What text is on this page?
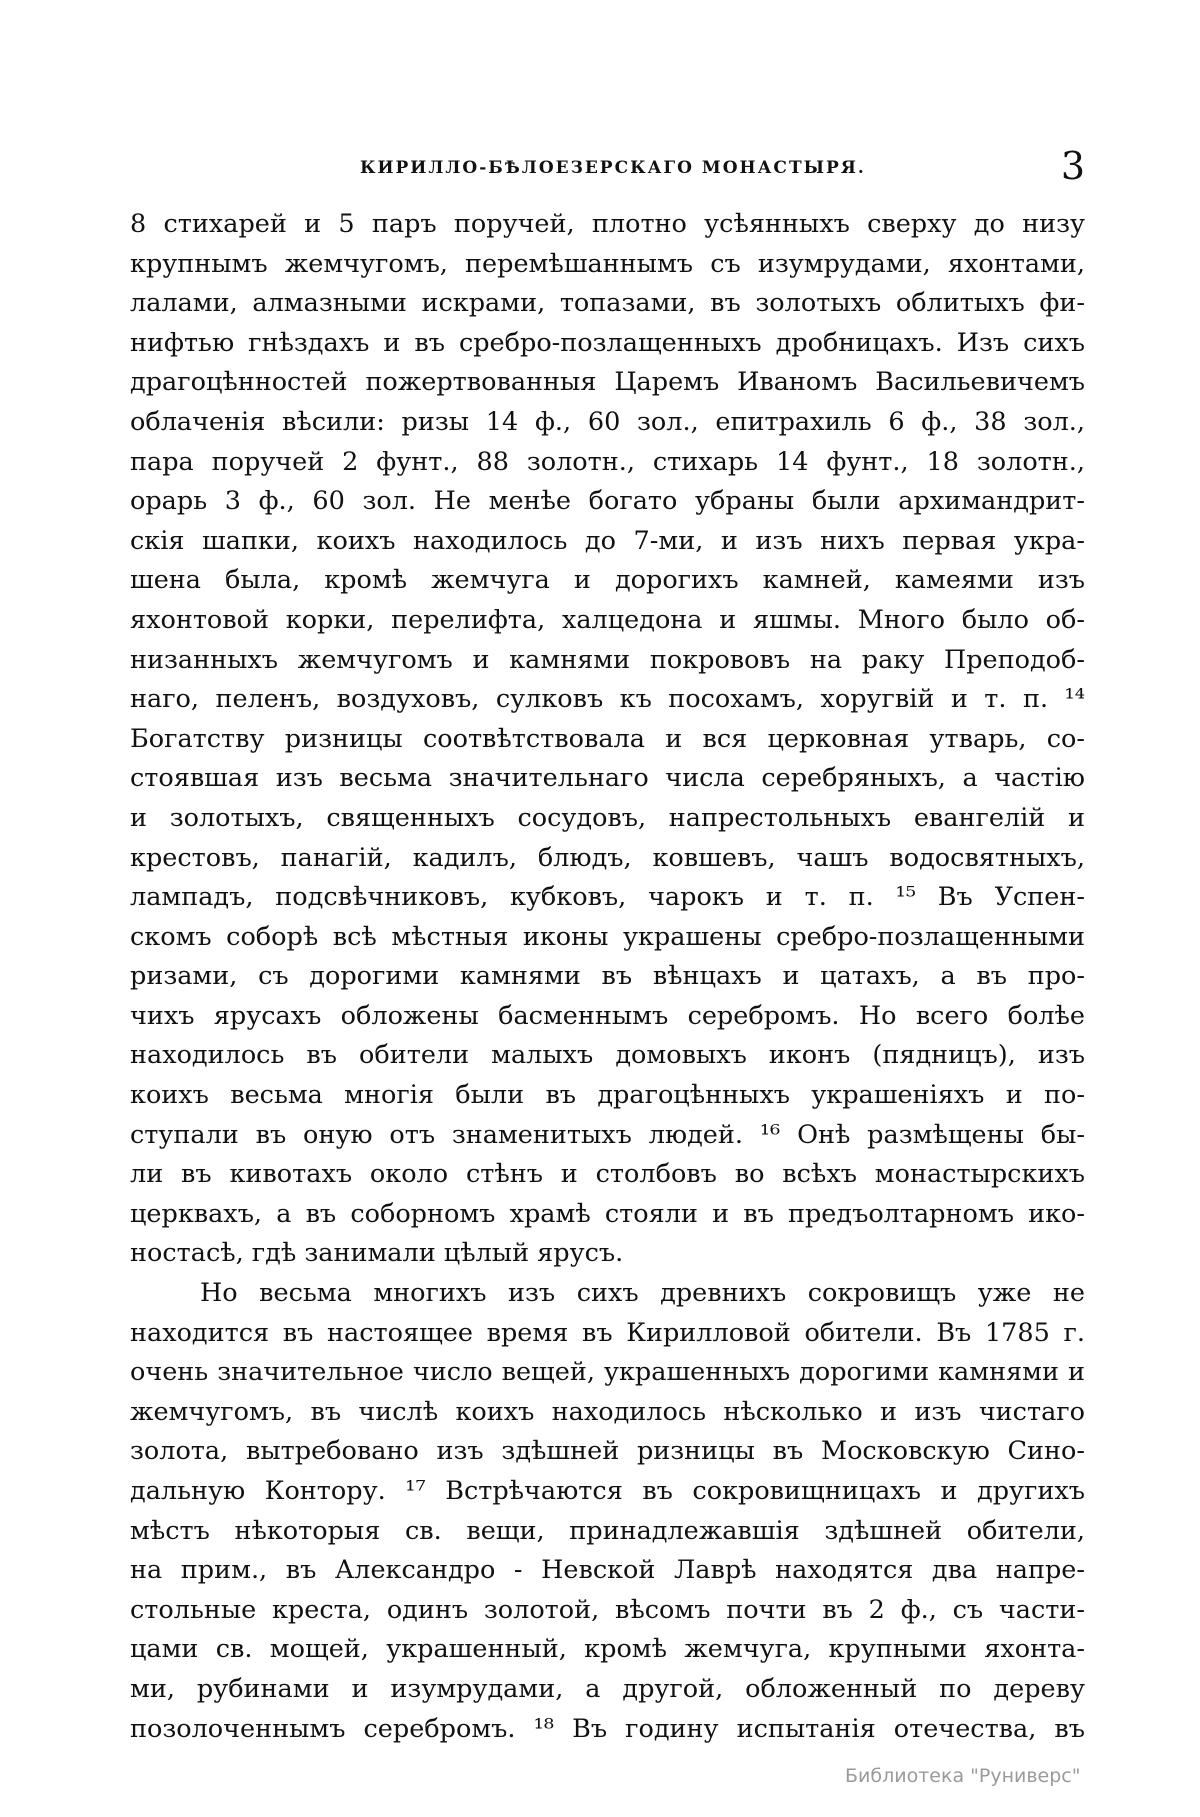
КИРИЛЛО-БѢЛОЕЗЕРСКАГО МОНАСТЫРЯ.	3
8 стихарей и 5 паръ поручей, плотно усѣянныхъ сверху до низу
крупнымъ жемчугомъ, перемѣшаннымъ съ изумрудами, яхонтами,
лалами, алмазными искрами, топазами, въ золотыхъ облитыхъ фи-
нифтью гнѣздахъ и въ сребро-позлащенныхъ дробницахъ. Изъ сихъ
драгоцѣнностей пожертвованныя Царемъ Иваномъ Васильевичемъ
облаченія вѣсили: ризы 14 ф., 60 зол., епитрахиль 6 ф., 38 зол.,
пара поручей 2 фунт., 88 золотн., стихарь 14 фунт., 18 золотн.,
орарь 3 ф., 60 зол. Не менѣе богато убраны были архимандрит-
скія шапки, коихъ находилось до 7-ми, и изъ нихъ первая укра-
шена была, кромѣ жемчуга и дорогихъ камней, камеями изъ
яхонтовой корки, перелифта, халцедона и яшмы. Много было об-
низанныхъ жемчугомъ и камнями покрововъ на раку Преподоб-
наго, пеленъ, воздуховъ, сулковъ къ посохамъ, хоругвій и т. п. ¹⁴
Богатству ризницы соотвѣтствовала и вся церковная утварь, со-
стоявшая изъ весьма значительнаго числа серебряныхъ, а частію
и золотыхъ, священныхъ сосудовъ, напрестольныхъ евангелій и
крестовъ, панагій, кадилъ, блюдъ, ковшевъ, чашъ водосвятныхъ,
лампадъ, подсвѣчниковъ, кубковъ, чарокъ и т. п. ¹⁵ Въ Успен-
скомъ соборѣ всѣ мѣстныя иконы украшены сребро-позлащенными
ризами, съ дорогими камнями въ вѣнцахъ и цатахъ, а въ про-
чихъ ярусахъ обложены басменнымъ серебромъ. Но всего болѣе
находилось въ обители малыхъ домовыхъ иконъ (пядницъ), изъ
коихъ весьма многія были въ драгоцѣнныхъ украшеніяхъ и по-
ступали въ оную отъ знаменитыхъ людей. ¹⁶ Онѣ размѣщены бы-
ли въ кивотахъ около стѣнъ и столбовъ во всѣхъ монастырскихъ
церквахъ, а въ соборномъ храмѣ стояли и въ предъолтарномъ ико-
ностасѣ, гдѣ занимали цѣлый ярусъ.
Но весьма многихъ изъ сихъ древнихъ сокровищъ уже не
находится въ настоящее время въ Кирилловой обители. Въ 1785 г.
очень значительное число вещей, украшенныхъ дорогими камнями и
жемчугомъ, въ числѣ коихъ находилось нѣсколько и изъ чистаго
золота, вытребовано изъ здѣшней ризницы въ Московскую Сино-
дальную Контору. ¹⁷ Встрѣчаются въ сокровищницахъ и другихъ
мѣстъ нѣкоторыя св. вещи, принадлежавшія здѣшней обители,
на прим., въ Александро - Невской Лаврѣ находятся два напре-
стольные креста, одинъ золотой, вѣсомъ почти въ 2 ф., съ части-
цами св. мощей, украшенный, кромѣ жемчуга, крупными яхонта-
ми, рубинами и изумрудами, а другой, обложенный по дереву
позолоченнымъ серебромъ. ¹⁸ Въ годину испытанія отечества, въ
Библиотека "Руниверс"
